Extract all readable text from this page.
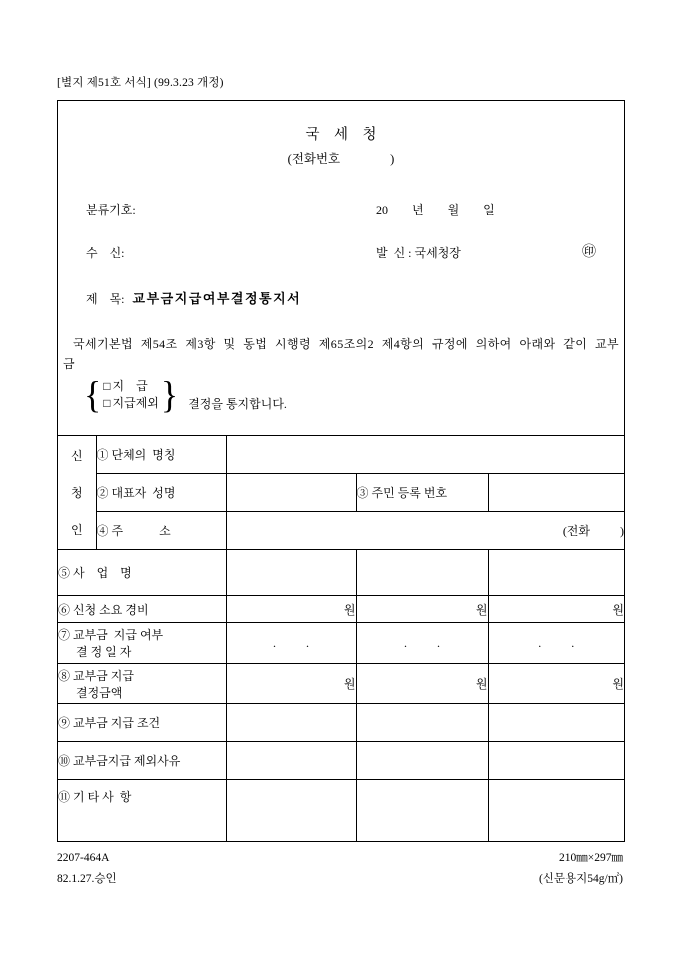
[별지 제51호 서식] (99.3.23 개정)
국    세    청
(전화번호                )
분류기호:	20        년        월        일
수    신:	발  신 : 국세청장	㊞
제    목: 교부금지급여부결정통지서

국세기본법 제54조 제3항 및 동법 시행령 제65조의2 제4항의 규정에 의하여 아래와 같이 교부금

{ □ 지    급
□ 지급제외 } 결정을 통지합니다.
신
청
인	① 단체의  명칭			
	② 대표자  성명		③ 주민 등록 번호	
	④ 주            소	(전화          )		
⑤ 사    업    명				
⑥ 신청 소요 경비		원	원	원

⑦ 교부금  지급 여부
결 정 일 자		.          .	.          .	.          .

⑧ 교부금 지급
결정금액		원	원	원
⑨ 교부금 지급 조건				
⑩ 교부금지급 제외사유				
⑪ 기 타 사  항				
2207-464A
82.1.27.승인
210㎜×297㎜
(신문용지54g/㎡)
